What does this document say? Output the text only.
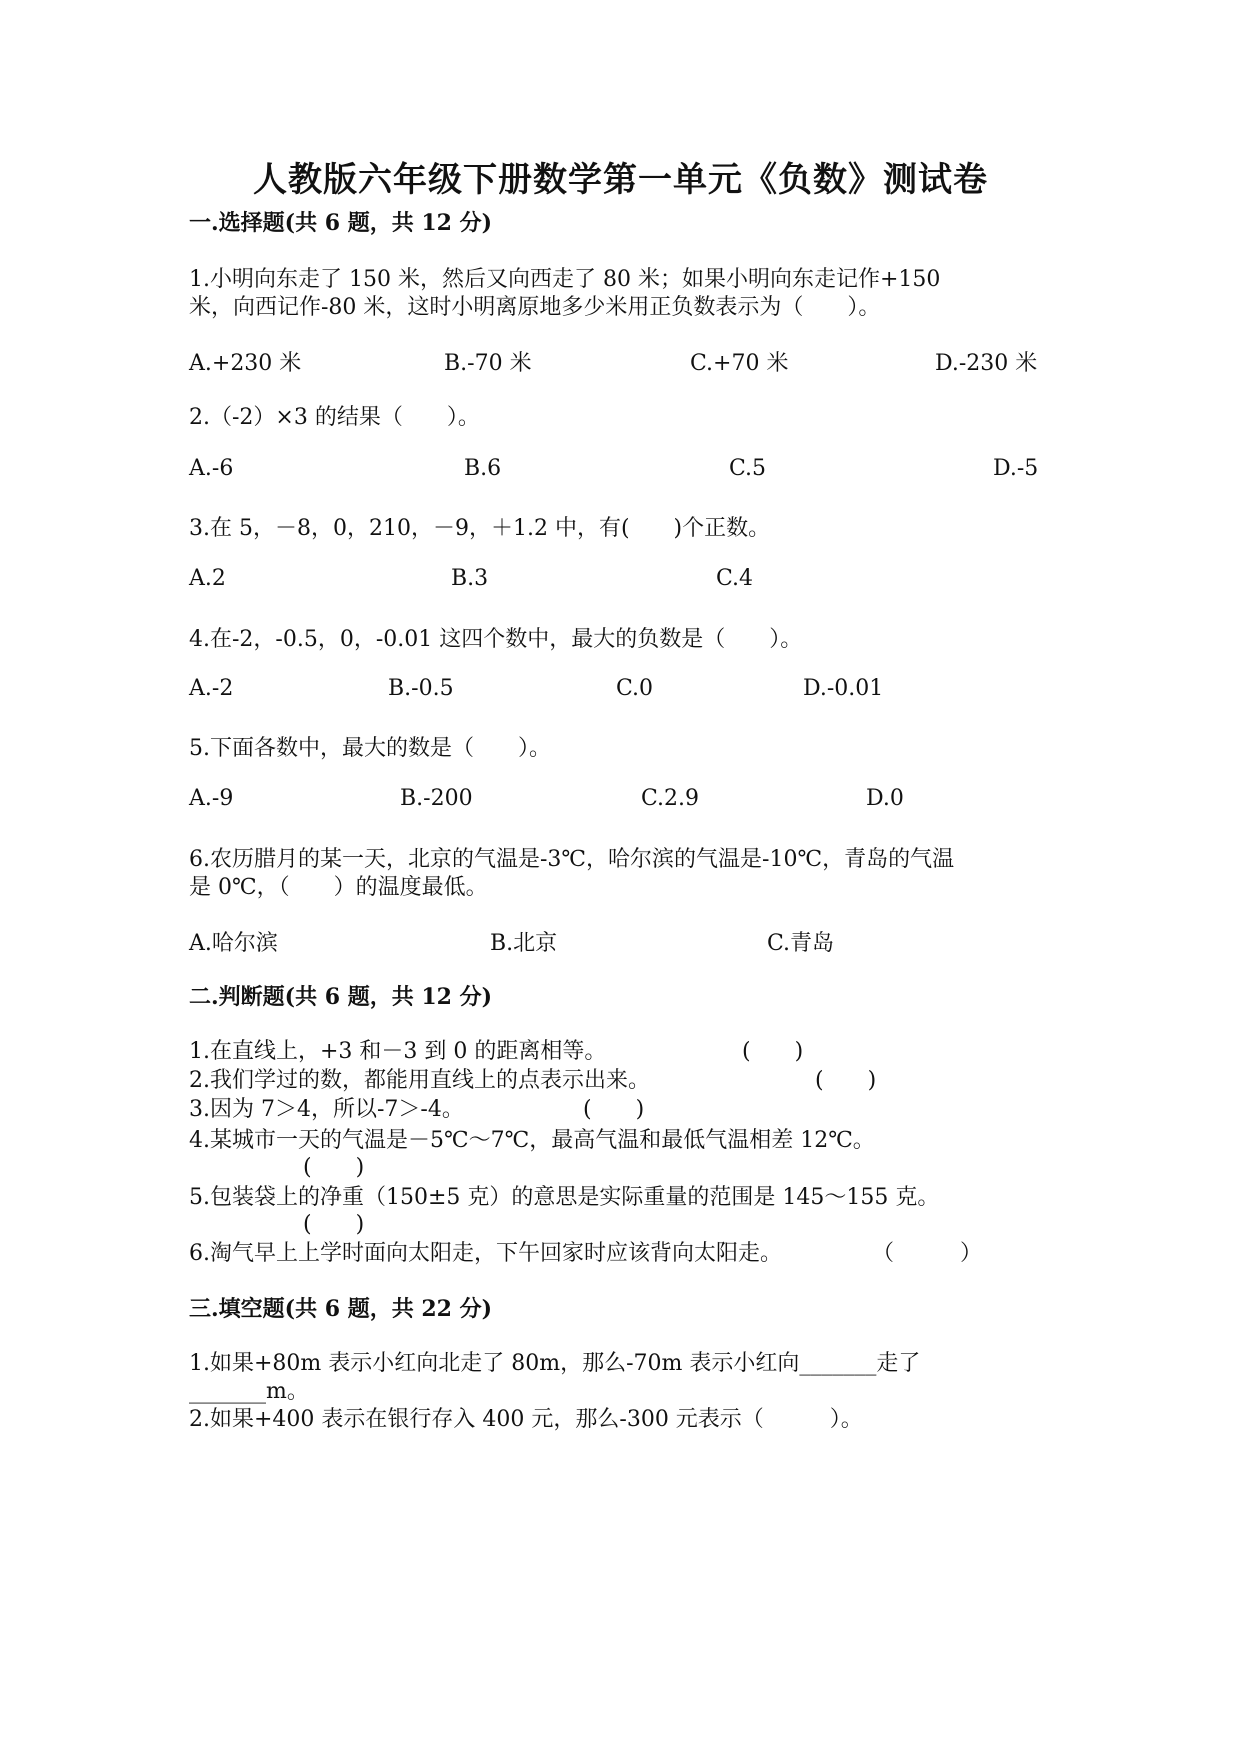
人教版六年级下册数学第一单元《负数》测试卷
一.选择题(共 6 题，共 12 分)
1.小明向东走了 150 米，然后又向西走了 80 米；如果小明向东走记作+150
米，向西记作-80 米，这时小明离原地多少米用正负数表示为（　　）。
A.+230 米	B.-70 米	C.+70 米	D.-230 米
2.（-2）×3 的结果（　　）。
A.-6	B.6	C.5	D.-5
3.在 5，－8，0，210，－9，＋1.2 中，有(　　)个正数。
A.2	B.3	C.4
4.在-2，-0.5，0，-0.01 这四个数中，最大的负数是（　　）。
A.-2	B.-0.5	C.0	D.-0.01
5.下面各数中，最大的数是（　　）。
A.-9	B.-200	C.2.9	D.0
6.农历腊月的某一天，北京的气温是-3℃，哈尔滨的气温是-10℃，青岛的气温
是 0℃，（　　）的温度最低。
A.哈尔滨	B.北京	C.青岛
二.判断题(共 6 题，共 12 分)
1.在直线上，+3 和－3 到 0 的距离相等。	(　　)
2.我们学过的数，都能用直线上的点表示出来。	(　　)
3.因为 7＞4，所以-7＞-4。	(　　)
4.某城市一天的气温是－5℃～7℃，最高气温和最低气温相差 12℃。
(　　)
5.包装袋上的净重（150±5 克）的意思是实际重量的范围是 145～155 克。
(　　)
6.淘气早上上学时面向太阳走，下午回家时应该背向太阳走。	（　　　）
三.填空题(共 6 题，共 22 分)
1.如果+80m 表示小红向北走了 80m，那么-70m 表示小红向_______走了
_______m。
2.如果+400 表示在银行存入 400 元，那么-300 元表示（　　　）。
